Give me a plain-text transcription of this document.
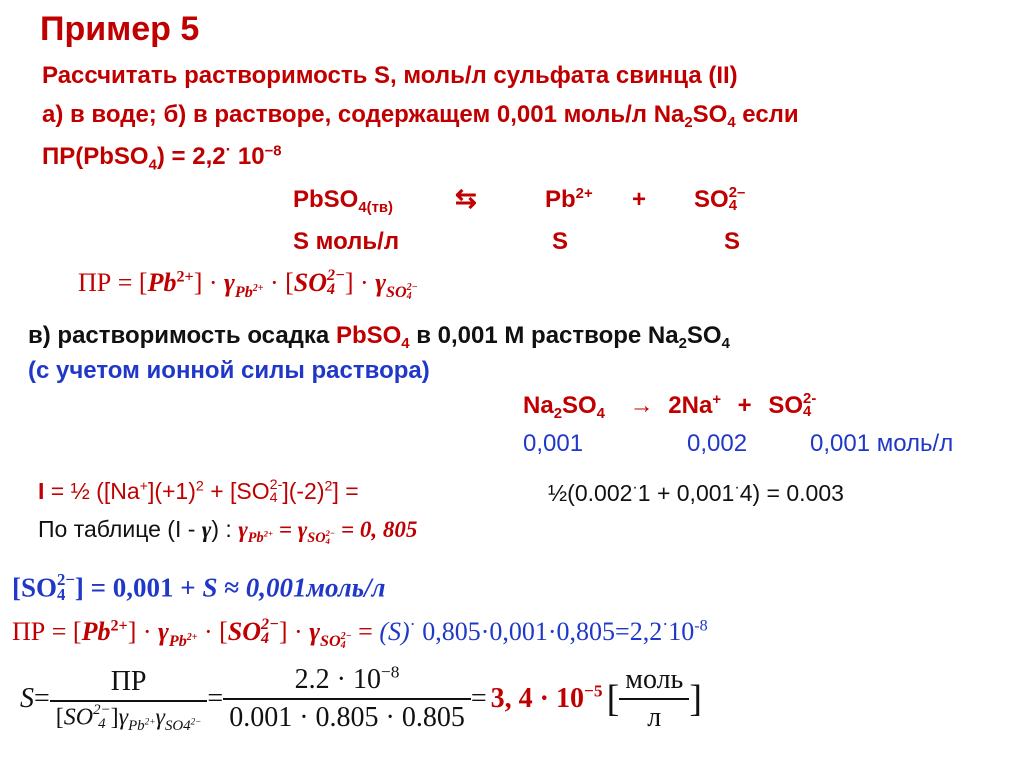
Пример 5
Рассчитать растворимость S, моль/л сульфата свинца (II)
а) в воде; б) в растворе, содержащем 0,001 моль/л $Na_2SO_4$ если
ПР(PbSO$_4$) = 2,2· $10^{-8}$
PbSO$_{4(тв)}$ ⇆	$Pb^{2+}$ + SO 2–
4
S моль/л	S	S
ПР = $[Pb^{2+}] \cdot \gamma_{Pb^{2+}} \cdot [SO$ 2−
4 ] · $\gamma_{SO 2- 4}$
в) растворимость осадка PbSO$_4$ в 0,001 М растворе $Na_2SO_4$
(с учетом ионной силы раствора)
$Na_2SO_4 \to 2Na^+$ + SO 2-
4
0,001	0,002	0,001 моль/л
I = ½ ($[Na^+](+1)^2 + [SO$ 2-
4 ]$(-2)^2$] =	½(0.002·1 + 0,001·4) = 0.003
По таблице (I - γ) : $\gamma_{Pb^{2+}} = \gamma_{SO 2- 4} = 0$, 805
[SO 2−
4 ] = 0,001 + S ≈ 0,001моль/л
ПР = $[Pb^{2+}] \cdot \gamma_{Pb^{2+}} \cdot [SO$ 2−
4 ] · $\gamma_{SO 2- 4} = (S)^\cdot$ $0,805\cdot 0,001\cdot 0,805=2,2^\cdot 10^{-8}$
S = ПР
[SO 2−
4 ]$\gamma_{Pb^{2+}}\gamma_{SO4^{2-}} = \frac{2.2 \cdot 10^{-8}}{0.001 \cdot 0.805 \cdot 0.805} = 3$, $4 \cdot 10^{-5}$ [ $\frac{\text{моль}}{л}$ ]
